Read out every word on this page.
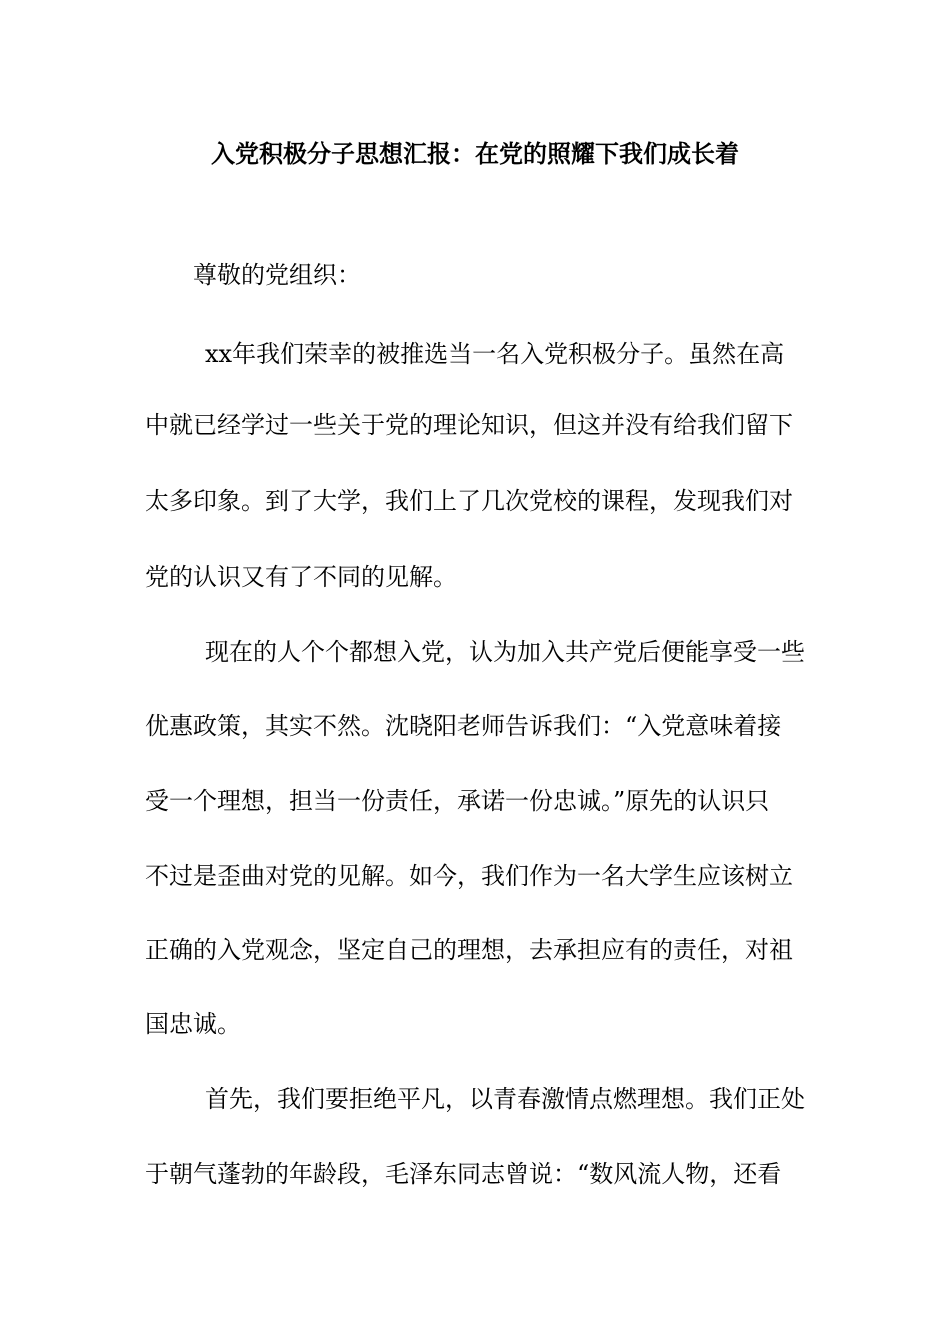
入党积极分子思想汇报：在党的照耀下我们成长着
尊敬的党组织：
xx年我们荣幸的被推选当一名入党积极分子。虽然在高
中就已经学过一些关于党的理论知识，但这并没有给我们留下
太多印象。到了大学，我们上了几次党校的课程，发现我们对
党的认识又有了不同的见解。
现在的人个个都想入党，认为加入共产党后便能享受一些
优惠政策，其实不然。沈晓阳老师告诉我们：“入党意味着接
受一个理想，担当一份责任，承诺一份忠诚。”原先的认识只
不过是歪曲对党的见解。如今，我们作为一名大学生应该树立
正确的入党观念，坚定自己的理想，去承担应有的责任，对祖
国忠诚。
首先，我们要拒绝平凡，以青春激情点燃理想。我们正处
于朝气蓬勃的年龄段，毛泽东同志曾说：“数风流人物，还看
